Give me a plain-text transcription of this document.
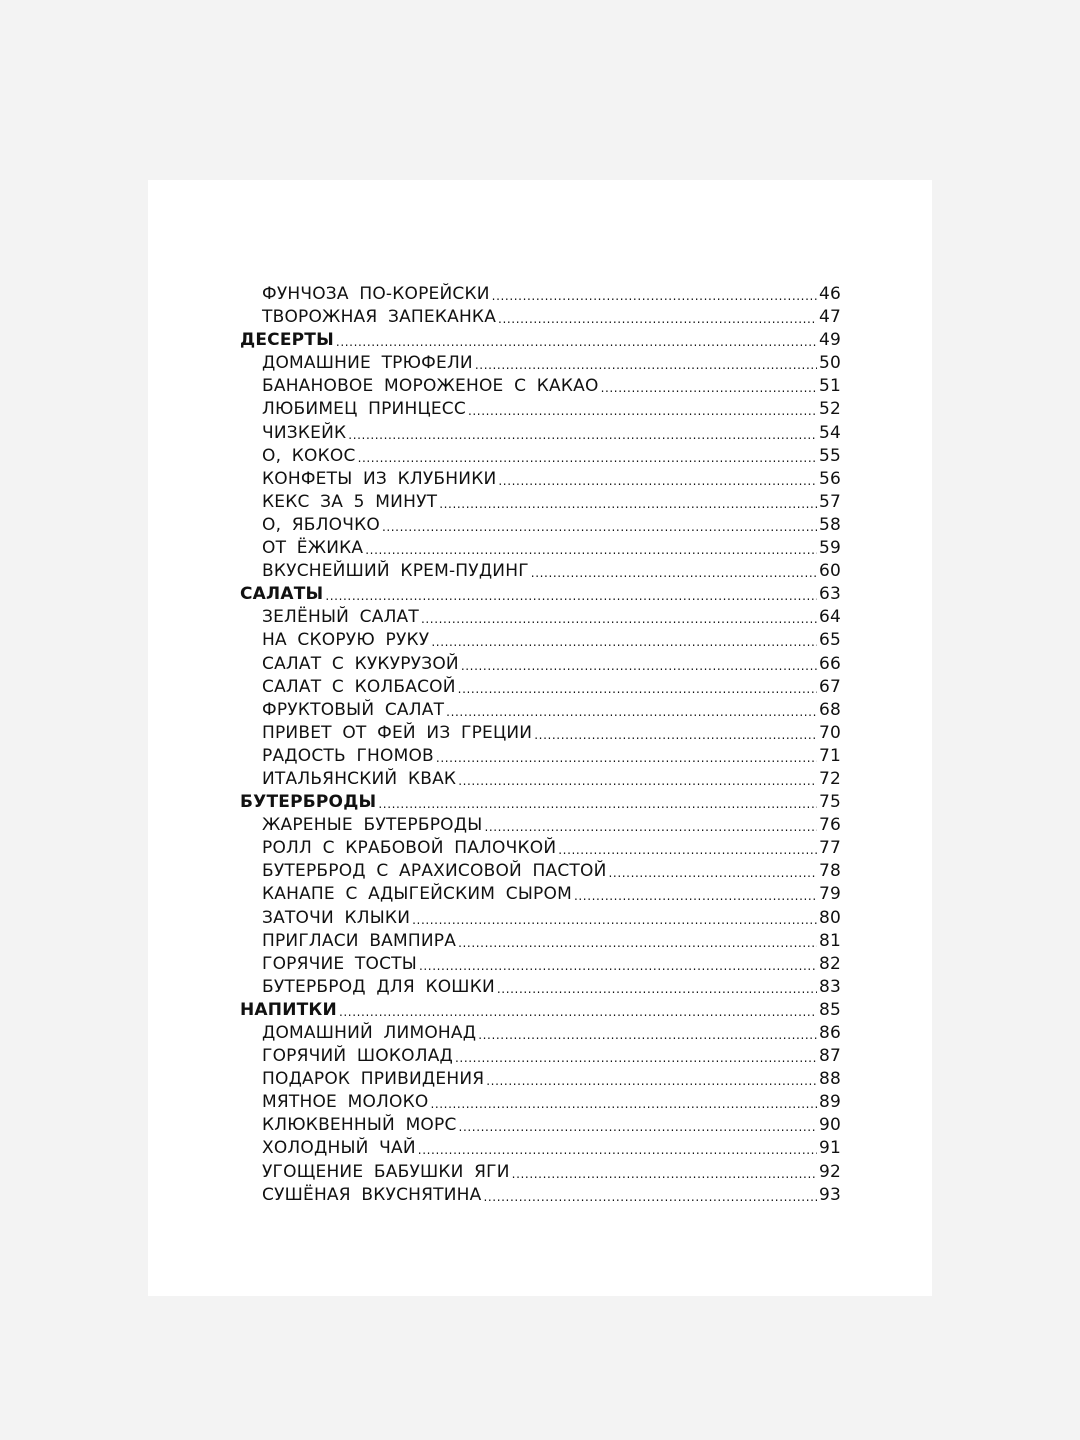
ФУНЧОЗА ПО-КОРЕЙСКИ .....	46
ТВОРОЖНАЯ ЗАПЕКАНКА .....	47
ДЕСЕРТЫ .....	49
ДОМАШНИЕ ТРЮФЕЛИ .....	50
БАНАНОВОЕ МОРОЖЕНОЕ С КАКАО .....	51
ЛЮБИМЕЦ ПРИНЦЕСС .....	52
ЧИЗКЕЙК .....	54
О, КОКОС .....	55
КОНФЕТЫ ИЗ КЛУБНИКИ .....	56
КЕКС ЗА 5 МИНУТ .....	57
О, ЯБЛОЧКО .....	58
ОТ ЁЖИКА .....	59
ВКУСНЕЙШИЙ КРЕМ-ПУДИНГ .....	60
САЛАТЫ .....	63
ЗЕЛЁНЫЙ САЛАТ .....	64
НА СКОРУЮ РУКУ .....	65
САЛАТ С КУКУРУЗОЙ .....	66
САЛАТ С КОЛБАСОЙ .....	67
ФРУКТОВЫЙ САЛАТ .....	68
ПРИВЕТ ОТ ФЕЙ ИЗ ГРЕЦИИ .....	70
РАДОСТЬ ГНОМОВ .....	71
ИТАЛЬЯНСКИЙ КВАК .....	72
БУТЕРБРОДЫ .....	75
ЖАРЕНЫЕ БУТЕРБРОДЫ .....	76
РОЛЛ С КРАБОВОЙ ПАЛОЧКОЙ .....	77
БУТЕРБРОД С АРАХИСОВОЙ ПАСТОЙ .....	78
КАНАПЕ С АДЫГЕЙСКИМ СЫРОМ .....	79
ЗАТОЧИ КЛЫКИ .....	80
ПРИГЛАСИ ВАМПИРА .....	81
ГОРЯЧИЕ ТОСТЫ .....	82
БУТЕРБРОД ДЛЯ КОШКИ .....	83
НАПИТКИ .....	85
ДОМАШНИЙ ЛИМОНАД .....	86
ГОРЯЧИЙ ШОКОЛАД .....	87
ПОДАРОК ПРИВИДЕНИЯ .....	88
МЯТНОЕ МОЛОКО .....	89
КЛЮКВЕННЫЙ МОРС .....	90
ХОЛОДНЫЙ ЧАЙ .....	91
УГОЩЕНИЕ БАБУШКИ ЯГИ .....	92
СУШЁНАЯ ВКУСНЯТИНА .....	93
